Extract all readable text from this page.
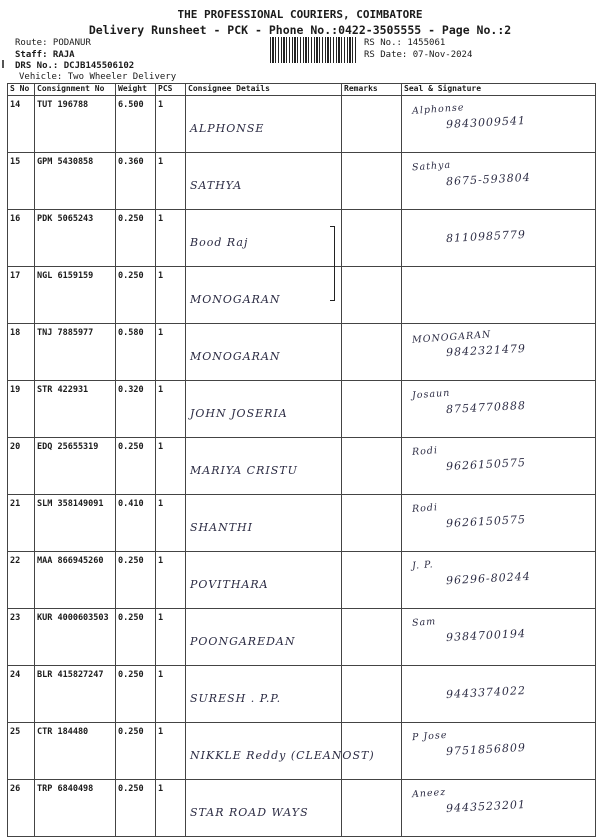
THE PROFESSIONAL COURIERS, COIMBATORE
Delivery Runsheet - PCK - Phone No.:0422-3505555 - Page No.:2
Route: PODANUR
Staff: RAJA
DRS No.: DCJB145506102
Vehicle: Two Wheeler Delivery
RS No.: 1455061
RS Date: 07-Nov-2024
S No	Consignment No	Weight	PCS	Consignee Details	Remarks	Seal & Signature
14	TUT 196788	6.500	1	ALPHONSE		Alphonse
9843009541

15	GPM 5430858	0.360	1	SATHYA		Sathya
8675-593804

16	PDK 5065243	0.250	1	Bood Raj		8110985779

17	NGL 6159159	0.250	1	MONOGARAN		

18	TNJ 7885977	0.580	1	MONOGARAN		MONOGARAN
9842321479

19	STR 422931	0.320	1	JOHN JOSERIA		Josaun
8754770888

20	EDQ 25655319	0.250	1	MARIYA CRISTU		Rodi
9626150575

21	SLM 358149091	0.410	1	SHANTHI		Rodi
9626150575

22	MAA 866945260	0.250	1	POVITHARA		J. P.
96296-80244

23	KUR 4000603503	0.250	1	POONGAREDAN		Sam
9384700194

24	BLR 415827247	0.250	1	SURESH . P.P.		9443374022

25	CTR 184480	0.250	1	NIKKLE Reddy (CLEANOST)		P Jose
9751856809

26	TRP 6840498	0.250	1	STAR ROAD WAYS		Aneez
9443523201
